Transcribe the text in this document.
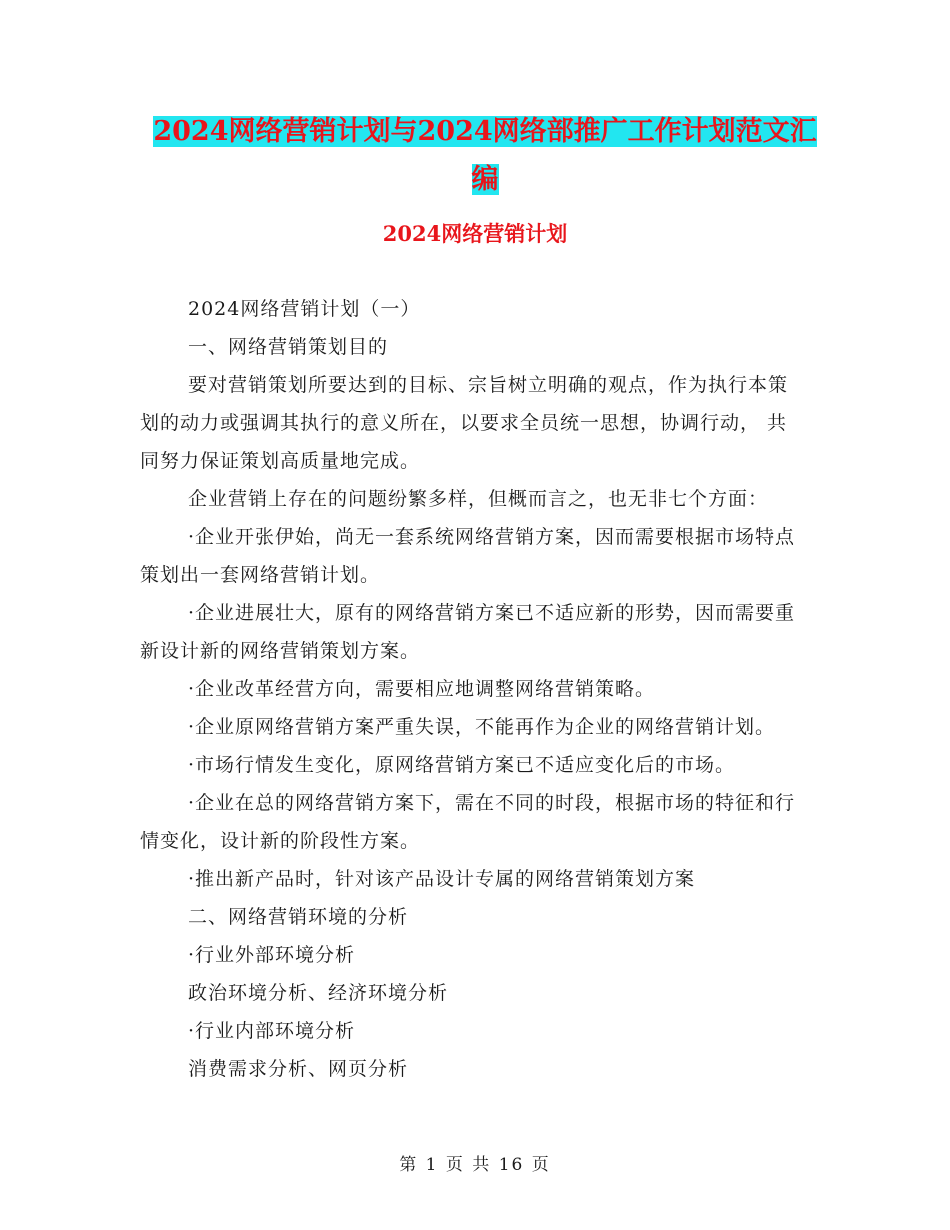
2024网络营销计划与2024网络部推广工作计划范文汇编
2024网络营销计划

2024网络营销计划（一）

一、网络营销策划目的

要对营销策划所要达到的目标、宗旨树立明确的观点，作为执行本策划的动力或强调其执行的意义所在，以要求全员统一思想，协调行动， 共同努力保证策划高质量地完成。

企业营销上存在的问题纷繁多样，但概而言之，也无非七个方面：

·企业开张伊始，尚无一套系统网络营销方案，因而需要根据市场特点策划出一套网络营销计划。

·企业进展壮大，原有的网络营销方案已不适应新的形势，因而需要重新设计新的网络营销策划方案。

·企业改革经营方向，需要相应地调整网络营销策略。

·企业原网络营销方案严重失误，不能再作为企业的网络营销计划。

·市场行情发生变化，原网络营销方案已不适应变化后的市场。

·企业在总的网络营销方案下，需在不同的时段，根据市场的特征和行情变化，设计新的阶段性方案。

·推出新产品时，针对该产品设计专属的网络营销策划方案

二、网络营销环境的分析

·行业外部环境分析

政治环境分析、经济环境分析

·行业内部环境分析

消费需求分析、网页分析

第 1 页 共 16 页
